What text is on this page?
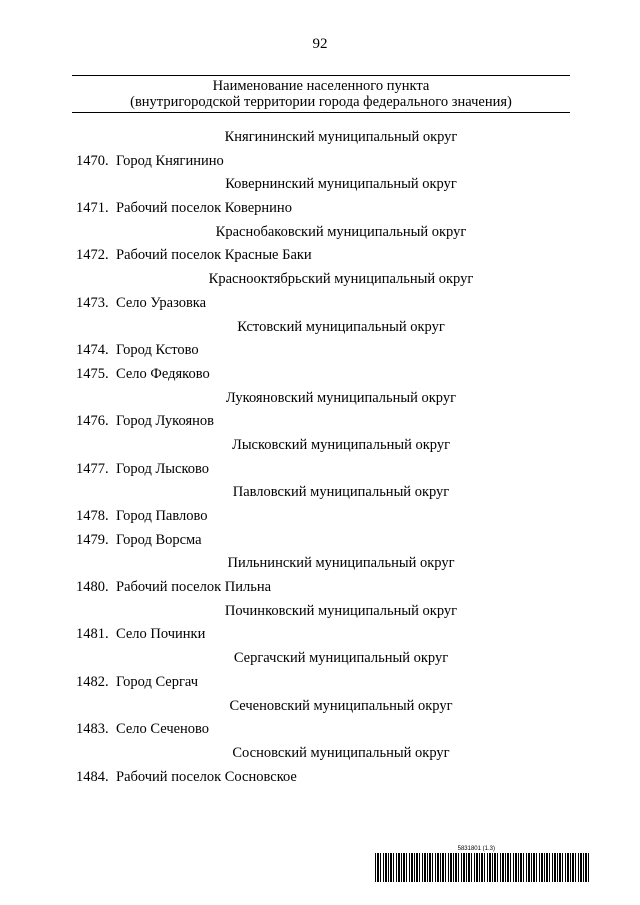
92
Наименование населенного пункта
(внутригородской территории города федерального значения)
Княгининский муниципальный округ
1470. Город Княгинино
Ковернинский муниципальный округ
1471. Рабочий поселок Ковернино
Краснобаковский муниципальный округ
1472. Рабочий поселок Красные Баки
Краснооктябрьский муниципальный округ
1473. Село Уразовка
Кстовский муниципальный округ
1474. Город Кстово
1475. Село Федяково
Лукояновский муниципальный округ
1476. Город Лукоянов
Лысковский муниципальный округ
1477. Город Лысково
Павловский муниципальный округ
1478. Город Павлово
1479. Город Ворсма
Пильнинский муниципальный округ
1480. Рабочий поселок Пильна
Починковский муниципальный округ
1481. Село Починки
Сергачский муниципальный округ
1482. Город Сергач
Сеченовский муниципальный округ
1483. Село Сеченово
Сосновский муниципальный округ
1484. Рабочий поселок Сосновское
5831801 (1.3)
